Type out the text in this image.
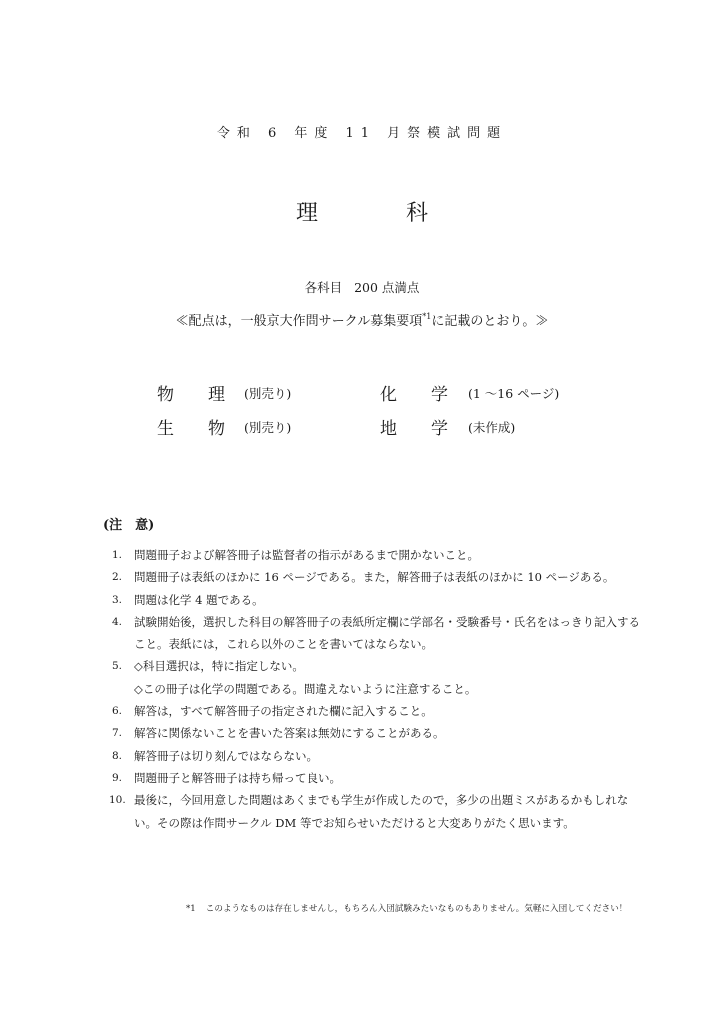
令和 6 年度 11 月祭模試問題
理	科
各科目 200 点満点
≪配点は，一般京大作問サークル募集要項$^{*1}$に記載のとおり。≫
物 理 (別売り)	化 学 (1 〜16 ページ)
生 物 (別売り)	地 学 (未作成)
(注　意)
1.	問題冊子および解答冊子は監督者の指示があるまで開かないこと。
2.	問題冊子は表紙のほかに 16 ページである。また，解答冊子は表紙のほかに 10 ページある。
3.	問題は化学 4 題である。
4.	試験開始後，選択した科目の解答冊子の表紙所定欄に学部名・受験番号・氏名をはっきり記入する
こと。表紙には，これら以外のことを書いてはならない。
5.	◇科目選択は，特に指定しない。
◇この冊子は化学の問題である。間違えないように注意すること。
6.	解答は，すべて解答冊子の指定された欄に記入すること。
7.	解答に関係ないことを書いた答案は無効にすることがある。
8.	解答冊子は切り刻んではならない。
9.	問題冊子と解答冊子は持ち帰って良い。
10. 最後に，今回用意した問題はあくまでも学生が作成したので，多少の出題ミスがあるかもしれな
い。その際は作問サークル DM 等でお知らせいただけると大変ありがたく思います。
*1 このようなものは存在しませんし，もちろん入団試験みたいなものもありません。気軽に入団してください！
